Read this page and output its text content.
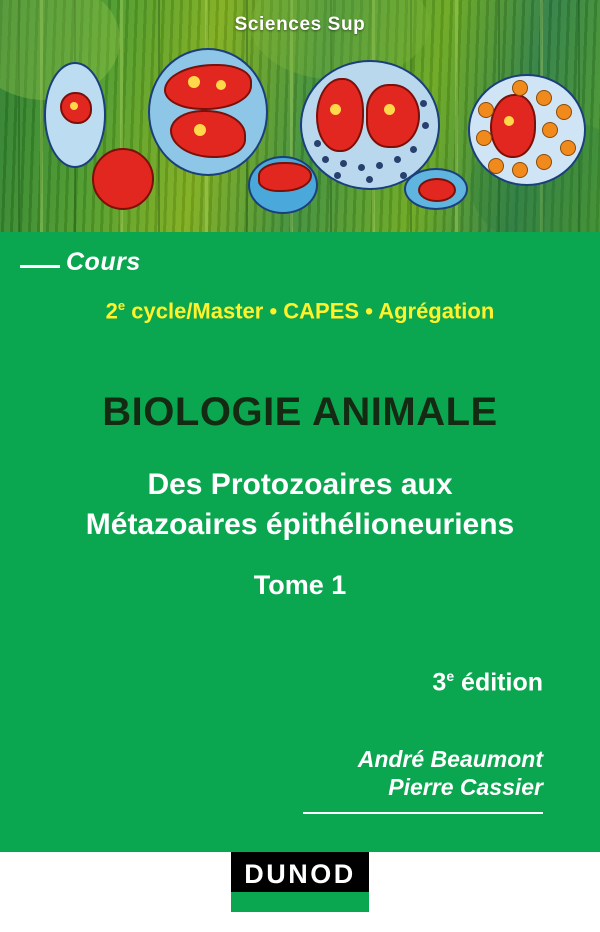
Sciences Sup
Cours
2e cycle/Master • CAPES • Agrégation
BIOLOGIE ANIMALE
Des Protozoaires aux
Métazoaires épithélioneuriens
Tome 1
3e édition
André Beaumont
Pierre Cassier
DUNOD
